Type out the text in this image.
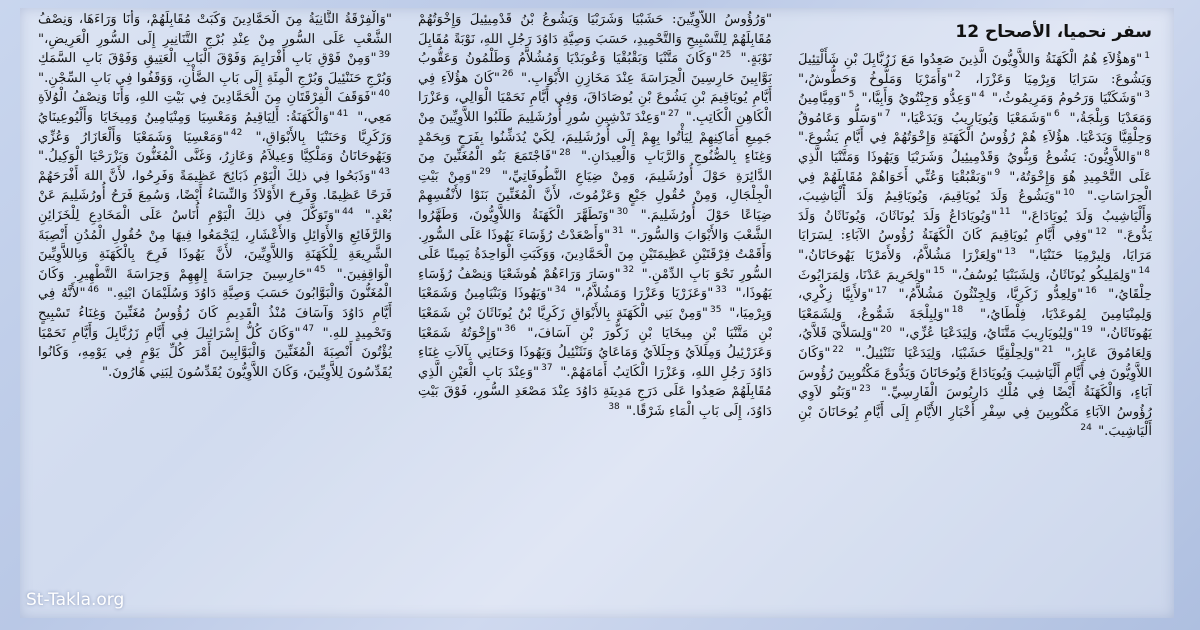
سفر نحميا، الأصحاح 12
$^1$"وَهؤُلاَءِ هُمُ الْكَهَنَةُ وَاللاَّوِيُّونَ الَّذِينَ صَعِدُوا مَعَ زَرُبَّابِلَ بْنِ شَأَلْتِئِيلَ وَيَشُوعَ: سَرَايَا وَيِرْمِيَا وَعَزْرَا، $^2$"وَأَمَرْيَا وَمَلُّوخُ وَحَطُّوشُ،" $^3$"وَشَكَنْيَا وَرَحُومُ وَمَرِيمُوثُ،" $^4$"وَعِدُّو وَجِنْتُويُ وَأَبِيَّا،" $^5$"وَمِيَّامِينُ وَمَعَدْيَا وَبِلْجَةُ،" $^6$"وَشَمَعْيَا وَيُويَارِيبُ وَيَدَعْيَا،" $^7$"وَسَلُّو وَعَامُوقُ وَحِلْقِيَّا وَيَدَعْيَا. هؤُلاَءِ هُمْ رُؤُوسُ الْكَهَنَةِ وَإِخْوَتُهُمْ فِي أَيَّامِ يَشُوعَ." $^8$"وَاللاَّوِيُّونَ: يَشُوعُ وَبِنُّويُ وَقَدْمِيئِيلُ وَشَرَبْيَا وَيَهُوذَا وَمَتَّنْيَا الَّذِي عَلَى التَّحْمِيدِ هُوَ وَإِخْوَتُهُ،" $^9$"وَبَقْبُقْيَا وَعُنِّي أَخَوَاهُمْ مُقَابِلَهُمْ فِي الْحِرَاسَاتِ." $^{10}$"وَيَشُوعُ وَلَدَ يُويَاقِيمَ، وَيُويَاقِيمُ وَلَدَ أَلْيَاشِيبَ، وَأَلْيَاشِيبُ وَلَدَ يُويَادَاعَ،" $^{11}$"وَيُويَادَاعُ وَلَدَ يُونَاثَانَ، وَيُونَاثَانُ وَلَدَ يَدُّوعَ." $^{12}$"وَفِي أَيَّامِ يُويَاقِيمَ كَانَ الْكَهَنَةُ رُؤُوسُ الآبَاءِ: لِسَرَايَا مَرَايَا، وَلِيرْمِيَا حَنَنْيَا،" $^{13}$"وَلِعَزْرَا مَشُلاَّمُ، وَلأَمَرْيَا يَهُوحَانَانُ،" $^{14}$"وَلِمَلِيكُو يُونَاثَانُ، وَلِشَبَنْيَا يُوسُفُ،" $^{15}$"وَلِحَرِيمَ عَدْنَا، وَلِمَرَايُوثَ حِلْقَايُ،" $^{16}$"وَلِعِدُّو زَكَرِيَّا، وَلِجِنْثُونَ مَشُلاَّمُ،" $^{17}$"وَلأَبِيَّا زِكْرِي، وَلِمِنْيَامِينَ لِمُوعَدْيَا، فِلْطَايُ،" $^{18}$"وَلِبِلْجَةَ شَمُّوعُ، وَلِشَمَعْيَا يَهُونَاثَانُ،" $^{19}$"وَلِيُويَارِيبَ مَتَّنَايُ، وَلِيَدَعْيَا عُزِّي،" $^{20}$"وَلِسَلاَّيَ قَلاَّيُ، وَلِعَامُوقَ عَابِرُ،" $^{21}$"وَلِحِلْقِيَّا حَشَبْيَا، وَلِيَدَعْيَا نَثَنْئِيلُ." $^{22}$"وَكَانَ اللاَّوِيُّونَ فِي أَيَّامِ أَلْيَاشِيبَ وَيُويَادَاعَ وَيُوحَانَانَ وَيَدُّوعَ مَكْتُوبِينَ رُؤُوسَ آبَاءٍ، وَالْكَهَنَةُ أَيْضًا فِي مُلْكِ دَارِيُوسَ الْفَارِسِيِّ." $^{23}$"وَبَنُو لاَوِي رُؤُوسُ الآبَاءِ مَكْتُوبِينَ فِي سِفْرِ أَخْبَارِ الأَيَّامِ إِلَى أَيَّامِ يُوحَانَانَ بْنِ أَلْيَاشِيبَ." $^{24}$
"وَرُؤُوسُ اللاَّوِيِّينَ: حَشَبْيَا وَشَرَبْيَا وَيَشُوعُ بْنُ قَدْمِيئِيلَ وَإِخْوَتُهُمْ مُقَابِلَهُمْ لِلتَّسْبِيحِ وَالتَّحْمِيدِ، حَسَبَ وَصِيَّةِ دَاوُدَ رَجُلِ اللهِ، نَوْبَةً مُقَابِلَ نَوْبَةٍ." $^{25}$"وَكَانَ مَتَّنْيَا وَبَقْبُقْيَا وَعُوبَدْيَا وَمُشُلاَّمُ وَطَلْمُونُ وَعَقُّوبُ بَوَّابِينَ حَارِسِينَ الْحِرَاسَةَ عِنْدَ مَخَازِنِ الأَبْوَابِ." $^{26}$"كَانَ هؤُلاَءِ فِي أَيَّامِ يُويَاقِيمَ بْنِ يَشُوعَ بْنِ يُوصَادَاقَ، وَفِي أَيَّامِ نَحَمْيَا الْوَالِي، وَعَزْرَا الْكَاهِنِ الْكَاتِبِ." $^{27}$"وَعِنْدَ تَدْشِينِ سُورِ أُورُشَلِيمَ طَلَبُوا اللاَّوِيِّينَ مِنْ جَمِيعِ أَمَاكِنِهِمْ لِيَأْتُوا بِهِمْ إِلَى أُورُشَلِيمَ، لِكَيْ يُدَشِّنُوا بِفَرَحٍ وَبِحَمْدٍ وَغِنَاءٍ بِالصُّنُوجِ وَالرَّبَابِ وَالْعِيدَانِ." $^{28}$"فَاجْتَمَعَ بَنُو الْمُغَنِّينَ مِنَ الدَّائِرَةِ حَوْلَ أُورُشَلِيمَ، وَمِنْ ضِيَاعِ النَّطُوفَاتِيِّ،" $^{29}$"وَمِنْ بَيْتِ الْجِلْجَالِ، وَمِنْ حُقُولِ جَبْعٍ وَعَزْمُوتَ، لأَنَّ الْمُغَنِّينَ بَنَوْا لأَنْفُسِهِمْ ضِيَاعًا حَوْلَ أُورُشَلِيمَ." $^{30}$"وَتَطَهَّرَ الْكَهَنَةُ وَاللاَّوِيُّونَ، وَطَهَّرُوا الشَّعْبَ وَالأَبْوَابَ وَالسُّورَ." $^{31}$"وَأَصْعَدْتُ رُؤَسَاءَ يَهُوذَا عَلَى السُّورِ. وَأَقَمْتُ فِرْقَتَيْنِ عَظِيمَتَيْنِ مِنَ الْحَمَّادِينَ، وَوَكَبَتِ الْوَاحِدَةُ يَمِينًا عَلَى السُّورِ نَحْوَ بَابِ الدِّمْنِ." $^{32}$"وَسَارَ وَرَاءَهُمْ هُوشَعْيَا وَنِصْفُ رُؤَسَاءِ يَهُوذَا،" $^{33}$"وَعَزَرْيَا وَعَزْرَا وَمَشُلاَّمُ،" $^{34}$"وَيَهُوذَا وَبَنْيَامِينُ وَشَمَعْيَا وَيِرْمِيَا،" $^{35}$"وَمِنْ بَنِي الْكَهَنَةِ بِالأَبْوَاقِ زَكَرِيَّا بْنُ يُونَاثَانَ بْنِ شَمَعْيَا بْنِ مَتَّنْيَا بْنِ مِيخَايَا بْنِ زَكُّورَ بْنِ آسَافَ،" $^{36}$"وَإِخْوَتُهُ شَمَعْيَا وَعَزَرْئِيلُ وَمِلَلاَيُ وَجِلَلاَيُ وَمَاعَايُ وَنَثَنْئِيلُ وَيَهُوذَا وَحَنَانِي بِآلاَتِ غِنَاءِ دَاوُدَ رَجُلِ اللهِ، وَعَزْرَا الْكَاتِبُ أَمَامَهُمْ." $^{37}$"وَعِنْدَ بَابِ الْعَيْنِ الَّذِي مُقَابِلَهُمْ صَعِدُوا عَلَى دَرَجِ مَدِينَةِ دَاوُدَ عِنْدَ مَصْعَدِ السُّورِ، فَوْقَ بَيْتِ دَاوُدَ، إِلَى بَابِ الْمَاءِ شَرْقًا." $^{38}$
"وَالْفِرْقَةُ الثَّانِيَةُ مِنَ الْحَمَّادِينَ وَكَبَتْ مُقَابِلَهُمْ، وَأَنَا وَرَاءَهَا، وَنِصْفُ الشَّعْبِ عَلَى السُّورِ مِنْ عِنْدِ بُرْجِ التَّنَانِيرِ إِلَى السُّورِ الْعَرِيضِ،" $^{39}$"وَمِنْ فَوْقِ بَابِ أَفْرَايِمَ وَفَوْقَ الْبَابِ الْعَتِيقِ وَفَوْقَ بَابِ السَّمَكِ وَبُرْجِ حَنَنْئِيلَ وَبُرْجِ الْمِئَةِ إِلَى بَابِ الضَّأْنِ، وَوَقَفُوا فِي بَابِ السِّجْنِ." $^{40}$"فَوَقَفَ الْفِرْقَتَانِ مِنَ الْحَمَّادِينَ فِي بَيْتِ اللهِ، وَأَنَا وَنِصْفُ الْوُلاَةِ مَعِي،" $^{41}$"وَالْكَهَنَةُ: أَلِيَاقِيمُ وَمَعْسِيَا وَمِنْيَامِينُ وَمِيخَايَا وَأَلْيُوعِينَايُ وَزَكَرِيَّا وَحَنَنْيَا بِالأَبْوَاقِ،" $^{42}$"وَمَعْسِيَا وَشَمَعْيَا وَأَلْعَازَارُ وَعُزِّي وَيَهُوحَانَانُ وَمَلْكِيَّا وَعِيلاَمُ وَعَازِرُ، وَغَنَّى الْمُغَنُّونَ وَيَزْرَحْيَا الْوَكِيلُ." $^{43}$"وَذَبَحُوا فِي ذلِكَ الْيَوْمِ ذَبَائِحَ عَظِيمَةً وَفَرِحُوا، لأَنَّ اللهَ أَفْرَحَهُمْ فَرَحًا عَظِيمًا. وَفَرِحَ الأَوْلاَدُ وَالنِّسَاءُ أَيْضًا، وَسُمِعَ فَرَحُ أُورُشَلِيمَ عَنْ بُعْدٍ." $^{44}$"وَتَوَكَّلَ فِي ذلِكَ الْيَوْمِ أُنَاسٌ عَلَى الْمَخَادِعِ لِلْخَزَائِنِ وَالرَّفَائِعِ وَالأَوَائِلِ وَالأَعْشَارِ، لِيَجْمَعُوا فِيهَا مِنْ حُقُولِ الْمُدُنِ أَنْصِبَةَ الشَّرِيعَةِ لِلْكَهَنَةِ وَاللاَّوِيِّينَ، لأَنَّ يَهُوذَا فَرِحَ بِالْكَهَنَةِ وَبِاللاَّوِيِّينَ الْوَاقِفِينَ." $^{45}$"حَارِسِينَ حِرَاسَةَ إِلهِهِمْ وَحِرَاسَةَ التَّطْهِيرِ. وَكَانَ الْمُغَنُّونَ وَالْبَوَّابُونَ حَسَبَ وَصِيَّةِ دَاوُدَ وَسُلَيْمَانَ ابْنِهِ." $^{46}$"لأَنَّهُ فِي أَيَّامِ دَاوُدَ وَآسَافَ مُنْذُ الْقَدِيمِ كَانَ رُؤُوسُ مُغَنِّينَ وَغِنَاءُ تَسْبِيحٍ وَتَحْمِيدٍ للهِ." $^{47}$"وَكَانَ كُلُّ إِسْرَائِيلَ فِي أَيَّامِ زَرُبَّابِلَ وَأَيَّامِ نَحَمْيَا يُؤْتُونَ أَنْصِبَةَ الْمُغَنِّينَ وَالْبَوَّابِينَ أَمْرَ كُلِّ يَوْمٍ فِي يَوْمِهِ، وَكَانُوا يُقَدِّسُونَ لِلاَّوِيِّينَ، وَكَانَ اللاَّوِيُّونَ يُقَدِّسُونَ لِبَنِي هَارُونَ."
St-Takla.org
